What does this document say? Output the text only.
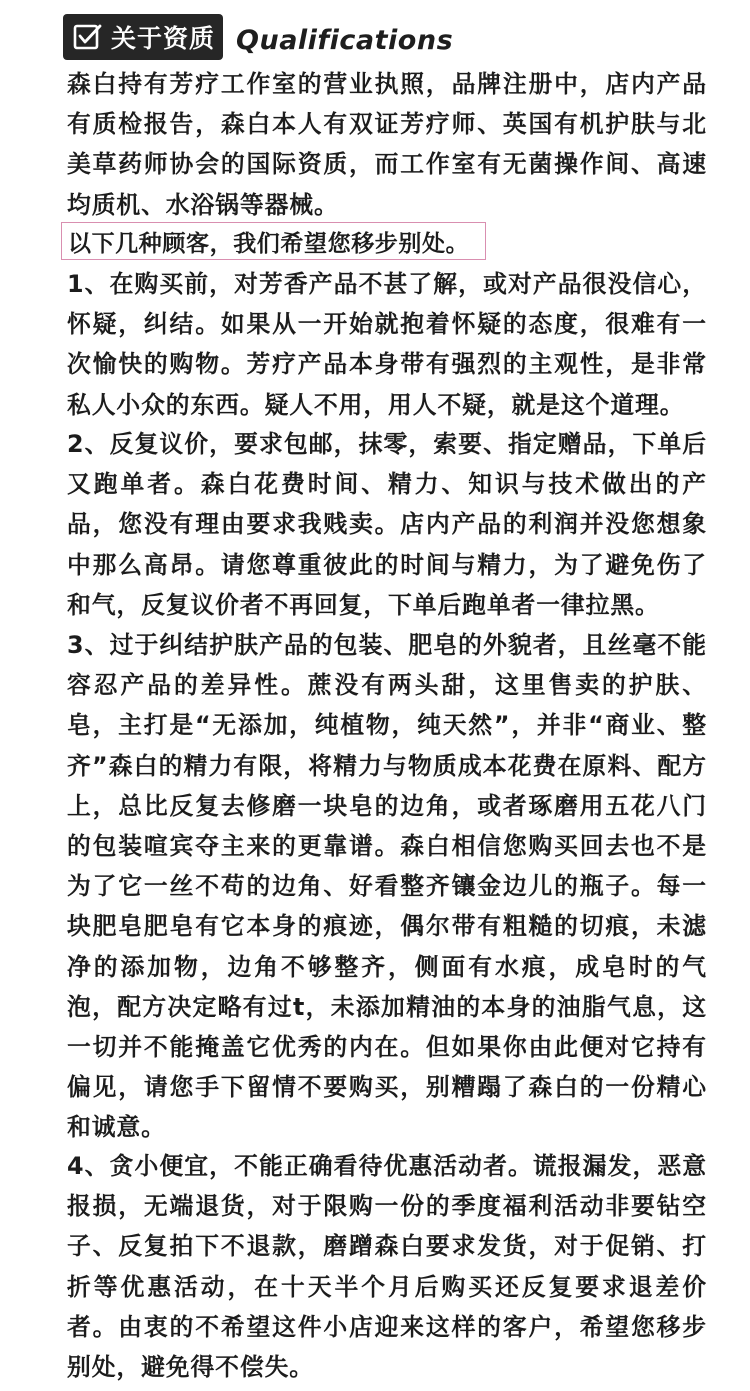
关于资质 Qualifications

森白持有芳疗工作室的营业执照，品牌注册中，店内产品有质检报告，森白本人有双证芳疗师、英国有机护肤与北美草药师协会的国际资质，而工作室有无菌操作间、高速均质机、水浴锅等器械。

以下几种顾客，我们希望您移步别处。

1、在购买前，对芳香产品不甚了解，或对产品很没信心，怀疑，纠结。如果从一开始就抱着怀疑的态度，很难有一次愉快的购物。芳疗产品本身带有强烈的主观性，是非常私人小众的东西。疑人不用，用人不疑，就是这个道理。

2、反复议价，要求包邮，抹零，索要、指定赠品，下单后又跑单者。森白花费时间、精力、知识与技术做出的产品，您没有理由要求我贱卖。店内产品的利润并没您想象中那么高昂。请您尊重彼此的时间与精力，为了避免伤了和气，反复议价者不再回复，下单后跑单者一律拉黑。

3、过于纠结护肤产品的包装、肥皂的外貌者，且丝毫不能容忍产品的差异性。蔗没有两头甜，这里售卖的护肤、皂，主打是“无添加，纯植物，纯天然”，并非“商业、整齐”森白的精力有限，将精力与物质成本花费在原料、配方上，总比反复去修磨一块皂的边角，或者琢磨用五花八门的包装喧宾夺主来的更靠谱。森白相信您购买回去也不是为了它一丝不苟的边角、好看整齐镶金边儿的瓶子。每一块肥皂肥皂有它本身的痕迹，偶尔带有粗糙的切痕，未滤净的添加物，边角不够整齐，侧面有水痕，成皂时的气泡，配方决定略有过t，未添加精油的本身的油脂气息，这一切并不能掩盖它优秀的内在。但如果你由此便对它持有偏见，请您手下留情不要购买，别糟蹋了森白的一份精心和诚意。

4、贪小便宜，不能正确看待优惠活动者。谎报漏发，恶意报损，无端退货，对于限购一份的季度福利活动非要钻空子、反复拍下不退款，磨蹭森白要求发货，对于促销、打折等优惠活动，在十天半个月后购买还反复要求退差价者。由衷的不希望这件小店迎来这样的客户，希望您移步别处，避免得不偿失。
